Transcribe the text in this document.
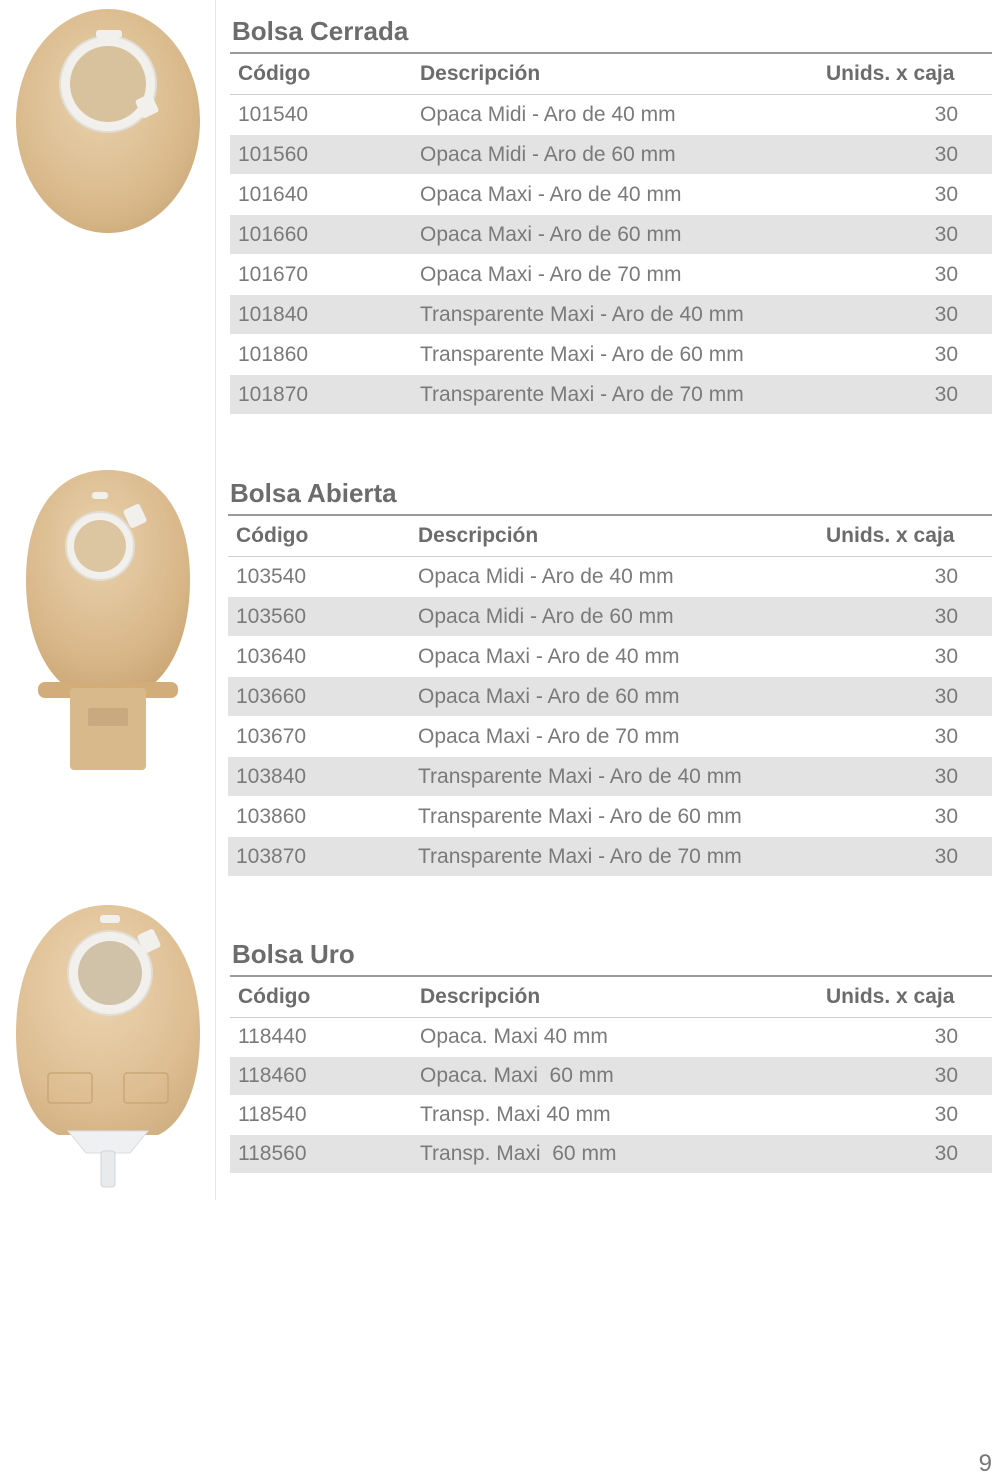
Bolsa Cerrada
Código	Descripción	Unids. x caja
101540	Opaca Midi - Aro de 40 mm	30
101560	Opaca Midi - Aro de 60 mm	30
101640	Opaca Maxi - Aro de 40 mm	30
101660	Opaca Maxi - Aro de 60 mm	30
101670	Opaca Maxi - Aro de 70 mm	30
101840	Transparente Maxi - Aro de 40 mm	30
101860	Transparente Maxi - Aro de 60 mm	30
101870	Transparente Maxi - Aro de 70 mm	30
Bolsa Abierta
Código	Descripción	Unids. x caja
103540	Opaca Midi - Aro de 40 mm	30
103560	Opaca Midi - Aro de 60 mm	30
103640	Opaca Maxi - Aro de 40 mm	30
103660	Opaca Maxi - Aro de 60 mm	30
103670	Opaca Maxi - Aro de 70 mm	30
103840	Transparente Maxi - Aro de 40 mm	30
103860	Transparente Maxi - Aro de 60 mm	30
103870	Transparente Maxi - Aro de 70 mm	30
Bolsa Uro
Código	Descripción	Unids. x caja
118440	Opaca. Maxi 40 mm	30
118460	Opaca. Maxi  60 mm	30
118540	Transp. Maxi 40 mm	30
118560	Transp. Maxi  60 mm	30
9
